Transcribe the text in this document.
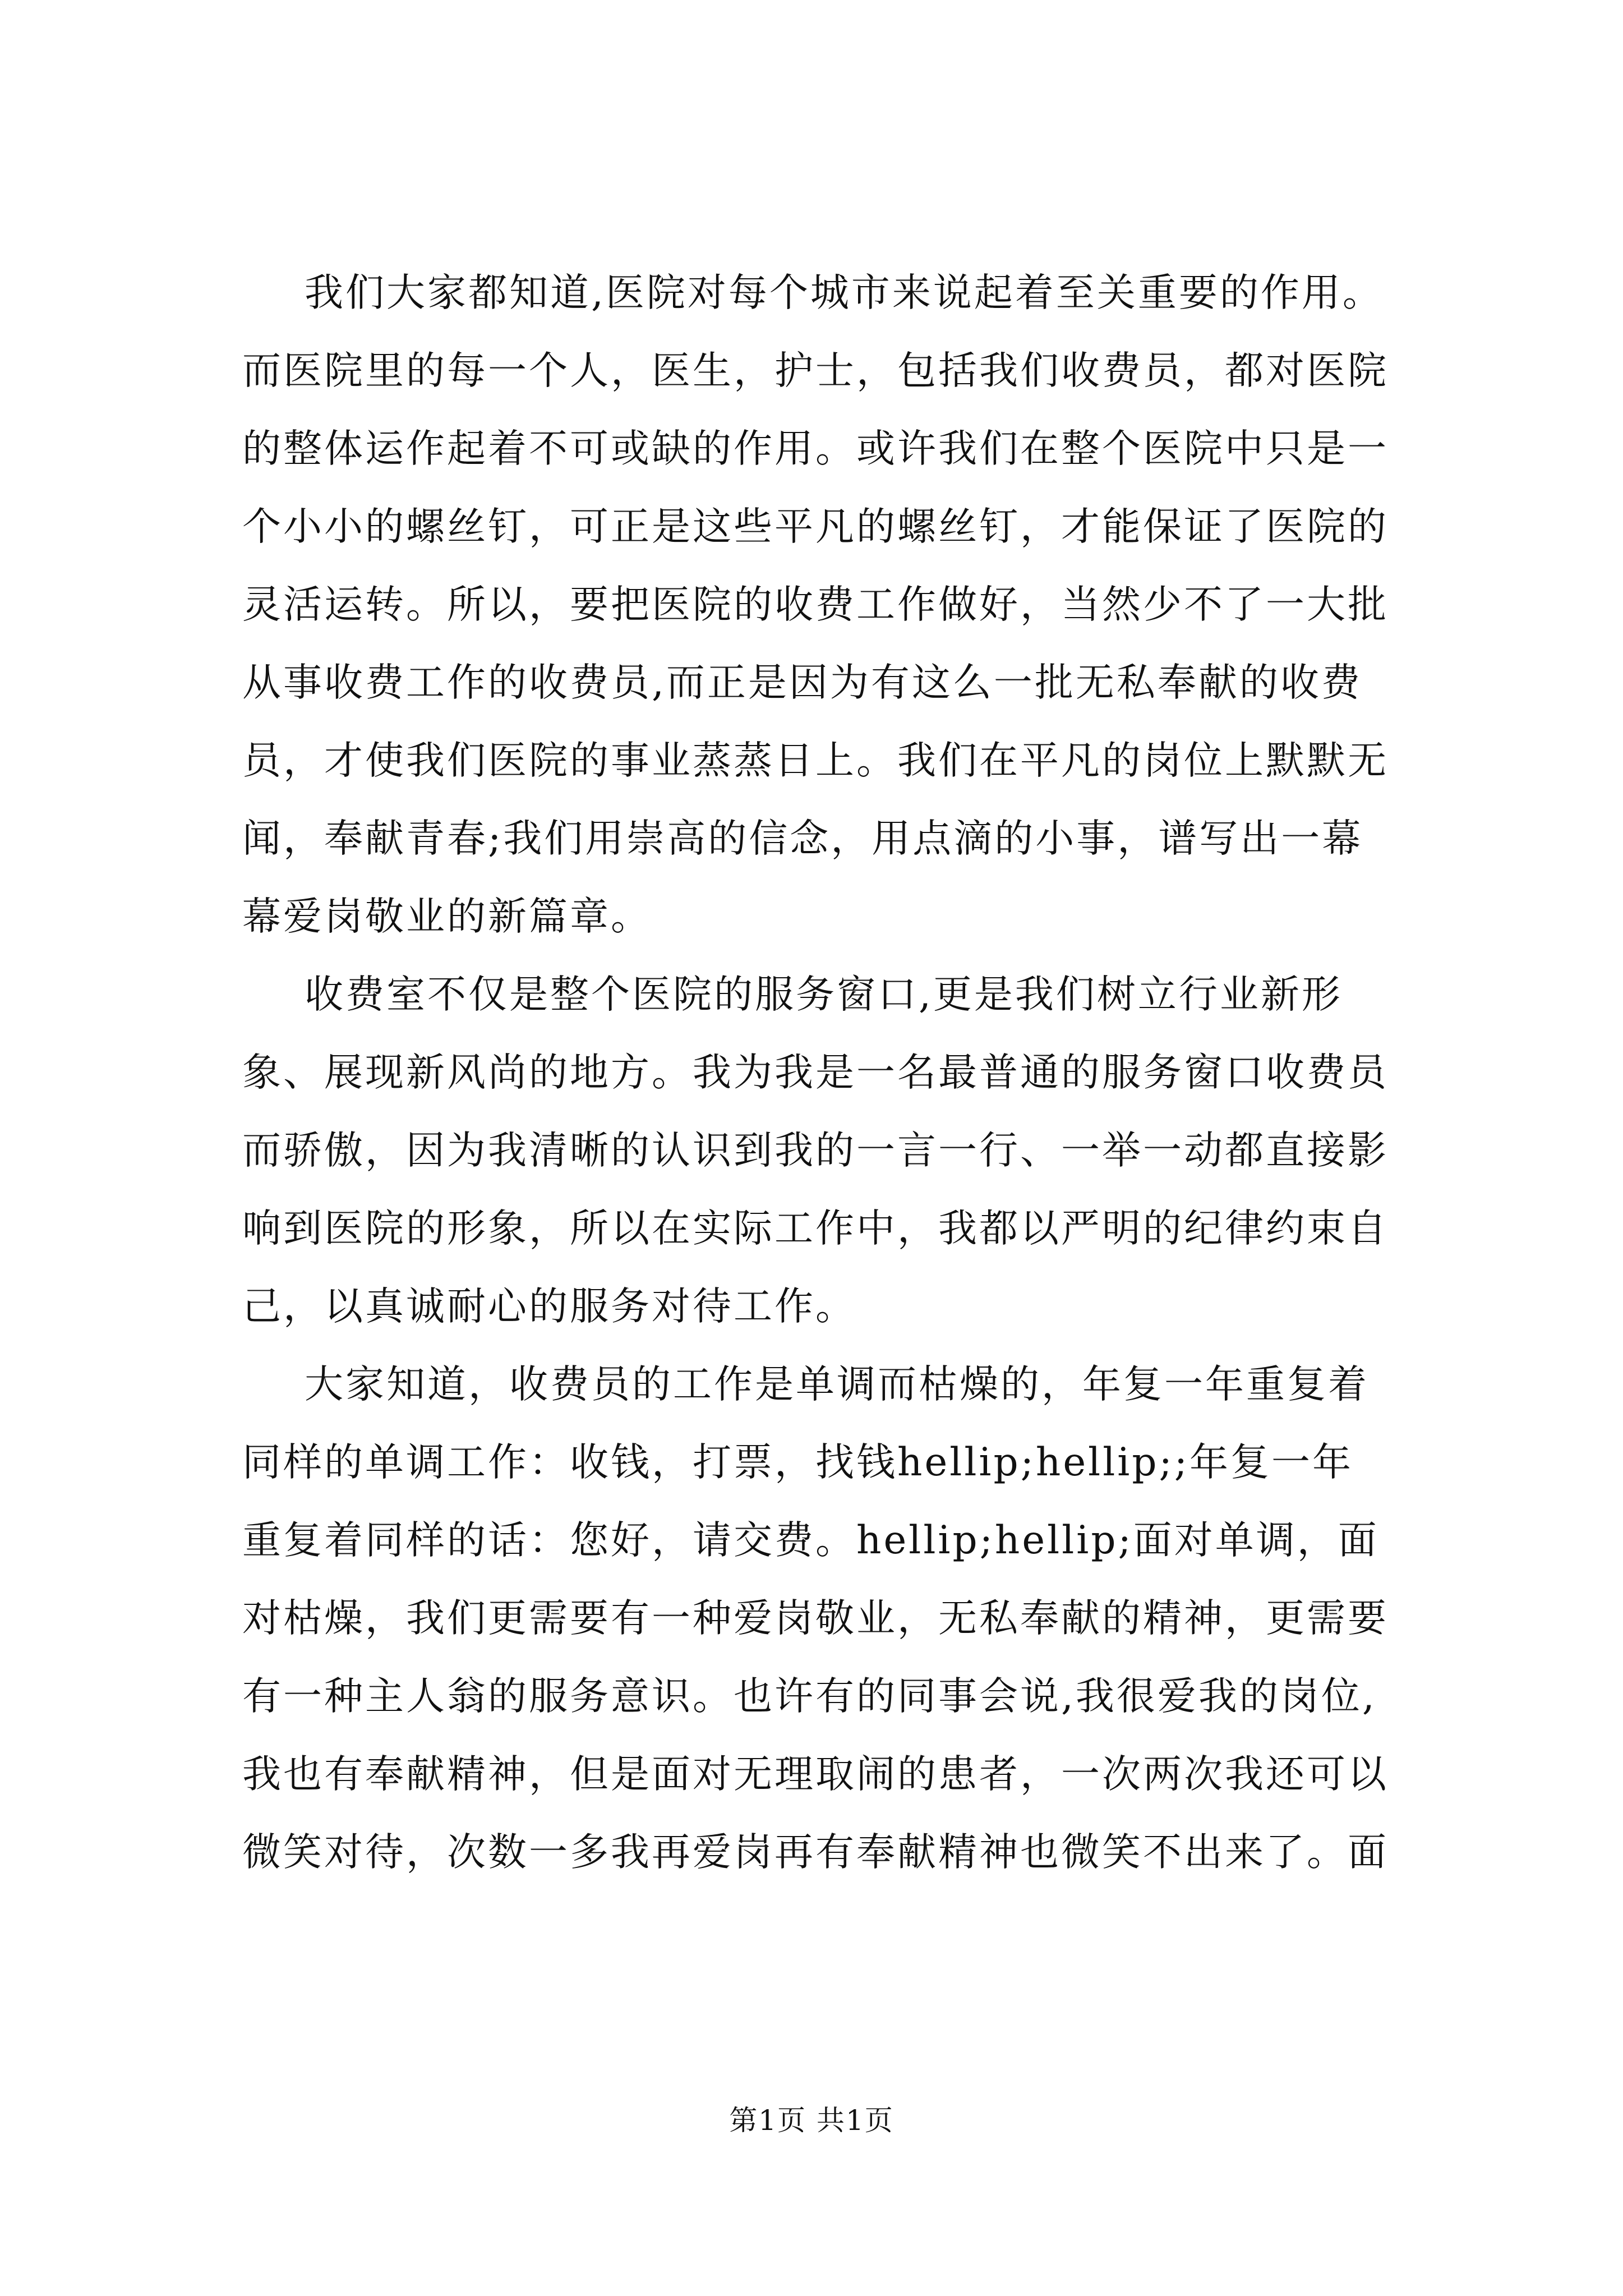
我们大家都知道,医院对每个城市来说起着至关重要的作用。

而医院里的每一个人，医生，护士，包括我们收费员，都对医院

的整体运作起着不可或缺的作用。或许我们在整个医院中只是一

个小小的螺丝钉，可正是这些平凡的螺丝钉，才能保证了医院的

灵活运转。所以，要把医院的收费工作做好，当然少不了一大批

从事收费工作的收费员,而正是因为有这么一批无私奉献的收费

员，才使我们医院的事业蒸蒸日上。我们在平凡的岗位上默默无

闻，奉献青春;我们用崇高的信念，用点滴的小事，谱写出一幕

幕爱岗敬业的新篇章。

收费室不仅是整个医院的服务窗口,更是我们树立行业新形

象、展现新风尚的地方。我为我是一名最普通的服务窗口收费员

而骄傲，因为我清晰的认识到我的一言一行、一举一动都直接影

响到医院的形象，所以在实际工作中，我都以严明的纪律约束自

己，以真诚耐心的服务对待工作。

大家知道，收费员的工作是单调而枯燥的，年复一年重复着

同样的单调工作：收钱，打票，找钱hellip;hellip;;年复一年

重复着同样的话：您好，请交费。hellip;hellip;面对单调，面

对枯燥，我们更需要有一种爱岗敬业，无私奉献的精神，更需要

有一种主人翁的服务意识。也许有的同事会说,我很爱我的岗位,

我也有奉献精神，但是面对无理取闹的患者，一次两次我还可以

微笑对待，次数一多我再爱岗再有奉献精神也微笑不出来了。面

第1页 共1页
